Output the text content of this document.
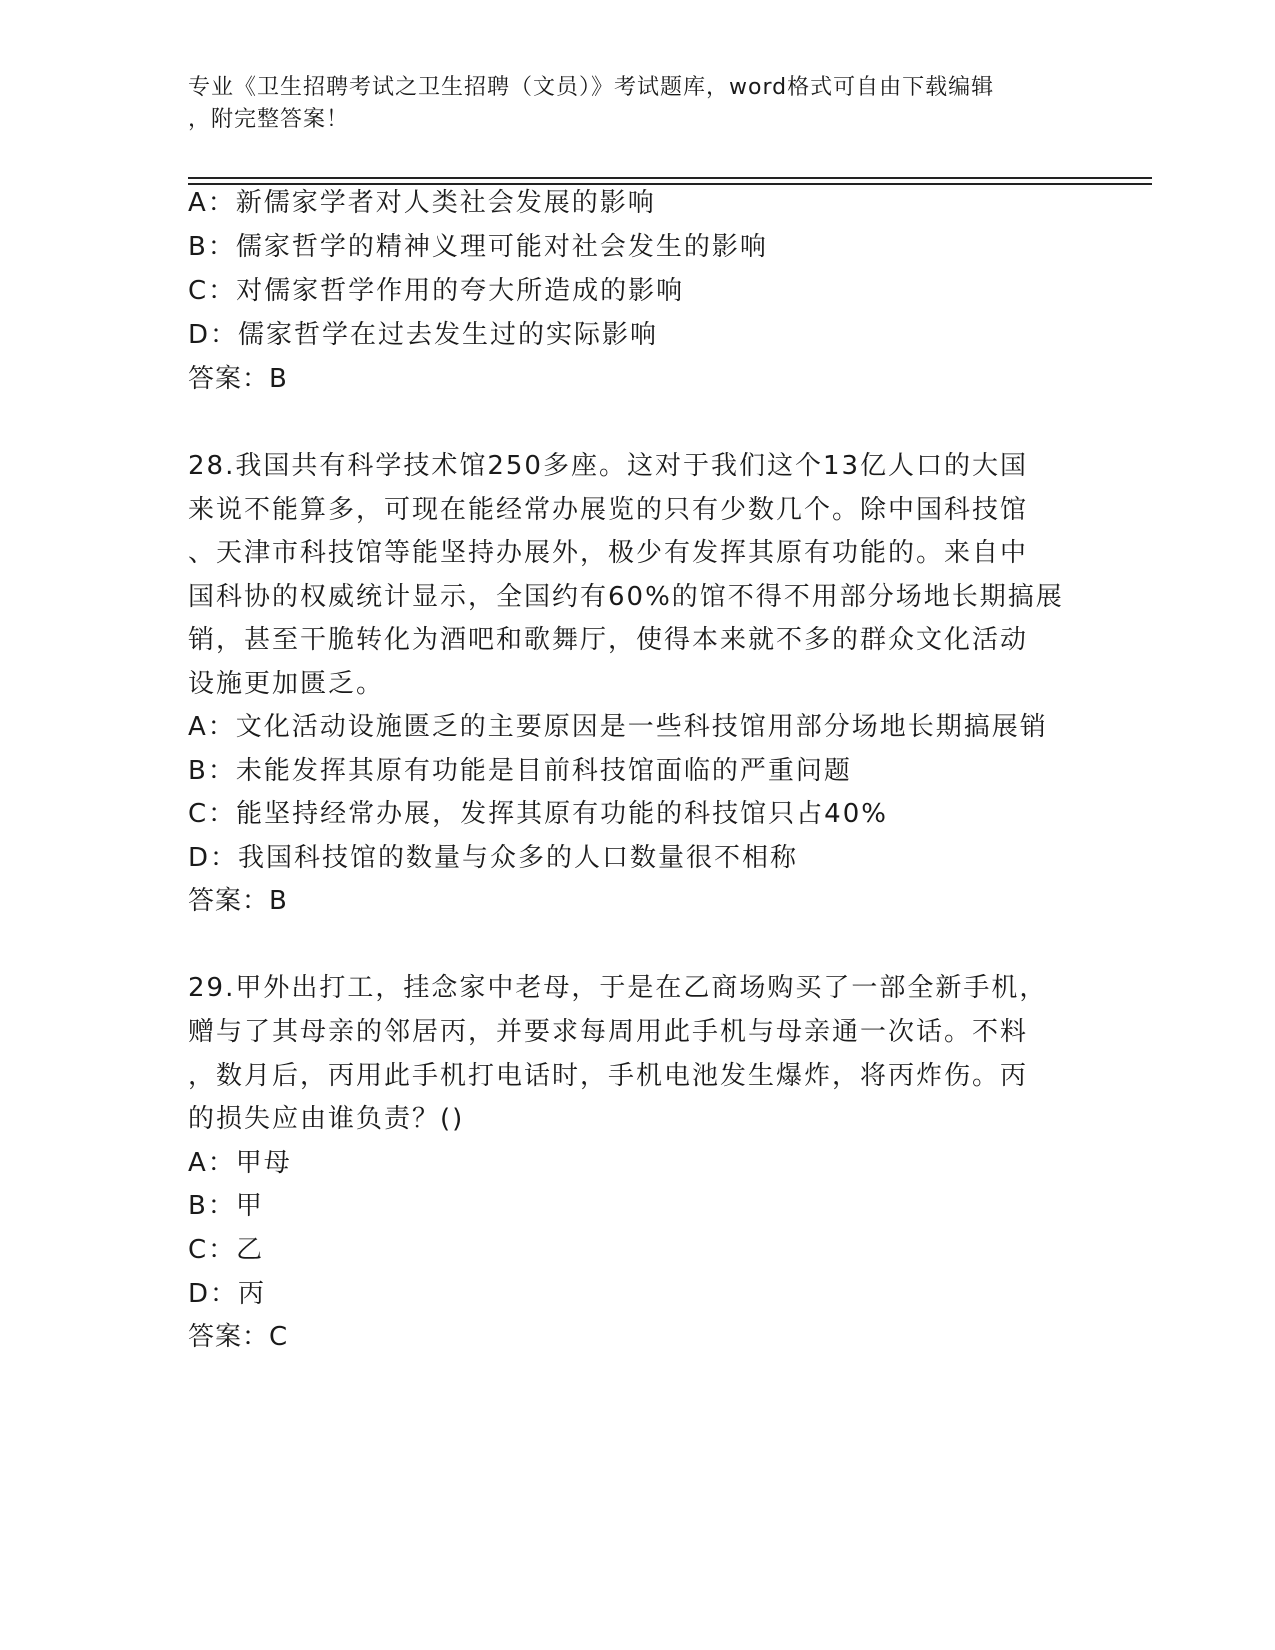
专业《卫生招聘考试之卫生招聘（文员）》考试题库，word格式可自由下载编辑
，附完整答案！
A：新儒家学者对人类社会发展的影响
B：儒家哲学的精神义理可能对社会发生的影响
C：对儒家哲学作用的夸大所造成的影响
D：儒家哲学在过去发生过的实际影响
答案：B
28.我国共有科学技术馆250多座。这对于我们这个13亿人口的大国
来说不能算多，可现在能经常办展览的只有少数几个。除中国科技馆
、天津市科技馆等能坚持办展外，极少有发挥其原有功能的。来自中
国科协的权威统计显示，全国约有60%的馆不得不用部分场地长期搞展
销，甚至干脆转化为酒吧和歌舞厅，使得本来就不多的群众文化活动
设施更加匮乏。
A：文化活动设施匮乏的主要原因是一些科技馆用部分场地长期搞展销
B：未能发挥其原有功能是目前科技馆面临的严重问题
C：能坚持经常办展，发挥其原有功能的科技馆只占40%
D：我国科技馆的数量与众多的人口数量很不相称
答案：B
29.甲外出打工，挂念家中老母，于是在乙商场购买了一部全新手机，
赠与了其母亲的邻居丙，并要求每周用此手机与母亲通一次话。不料
，数月后，丙用此手机打电话时，手机电池发生爆炸，将丙炸伤。丙
的损失应由谁负责？()
A：甲母
B：甲
C：乙
D：丙
答案：C
